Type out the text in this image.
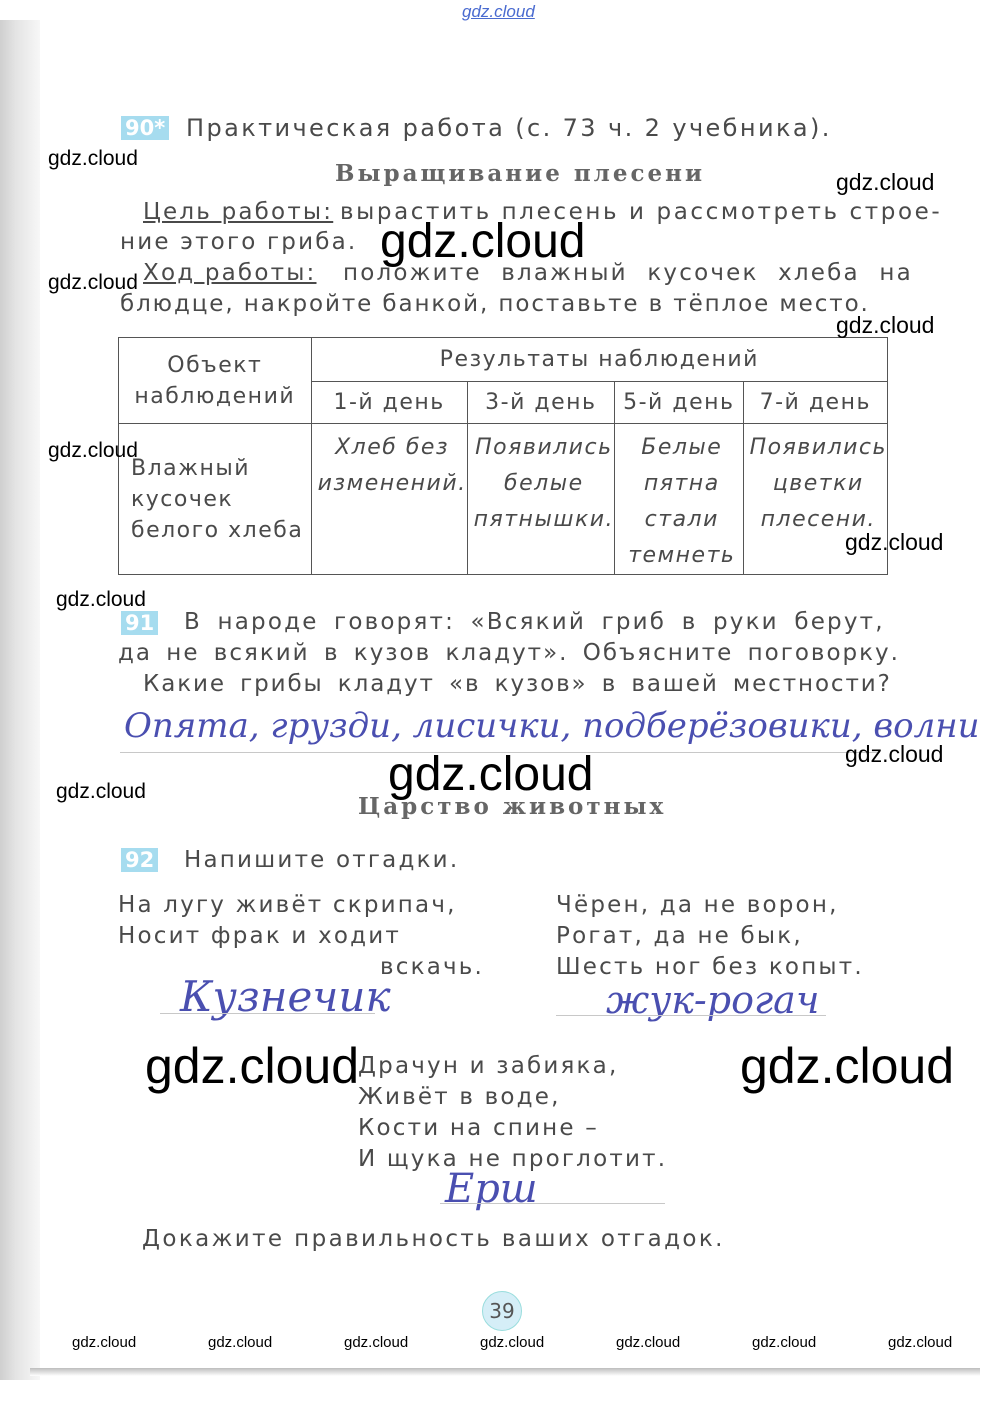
gdz.cloud
90* Практическая работа (с. 73 ч. 2 учебника).
Выращивание плесени
Цель работы: вырастить плесень и рассмотреть строе-
ние этого гриба.
Ход работы: положите влажный кусочек хлеба на
блюдце, накройте банкой, поставьте в тёплое место.
Объект наблюдений	Результаты наблюдений			
	1-й день	3-й день	5-й день	7-й день
Влажный кусочек белого хлеба	Хлеб без изменений.	Появились белые пятнышки.	Белые пятна стали темнеть	Появились цветки плесени.
91 В народе говорят: «Всякий гриб в руки берут,
да не всякий в кузов кладут». Объясните поговорку.
Какие грибы кладут «в кузов» в вашей местности?
Опята, грузди, лисички, подберёзовики, волни
Царство животных
92 Напишите отгадки.
На лугу живёт скрипач,
Носит фрак и ходит
вскачь.
Кузнечик
Чёрен, да не ворон,
Рогат, да не бык,
Шесть ног без копыт.
жук-рогач
Драчун и забияка,
Живёт в воде,
Кости на спине –
И щука не проглотит.
Ерш
Докажите правильность ваших отгадок.
39
gdz.cloud
gdz.cloud
gdz.cloud
gdz.cloud
gdz.cloud
gdz.cloud
gdz.cloud
gdz.cloud
gdz.cloud
gdz.cloud
gdz.cloud
gdz.cloud	gdz.cloud
gdz.cloud	gdz.cloud	gdz.cloud	gdz.cloud	gdz.cloud	gdz.cloud	gdz.cloud
